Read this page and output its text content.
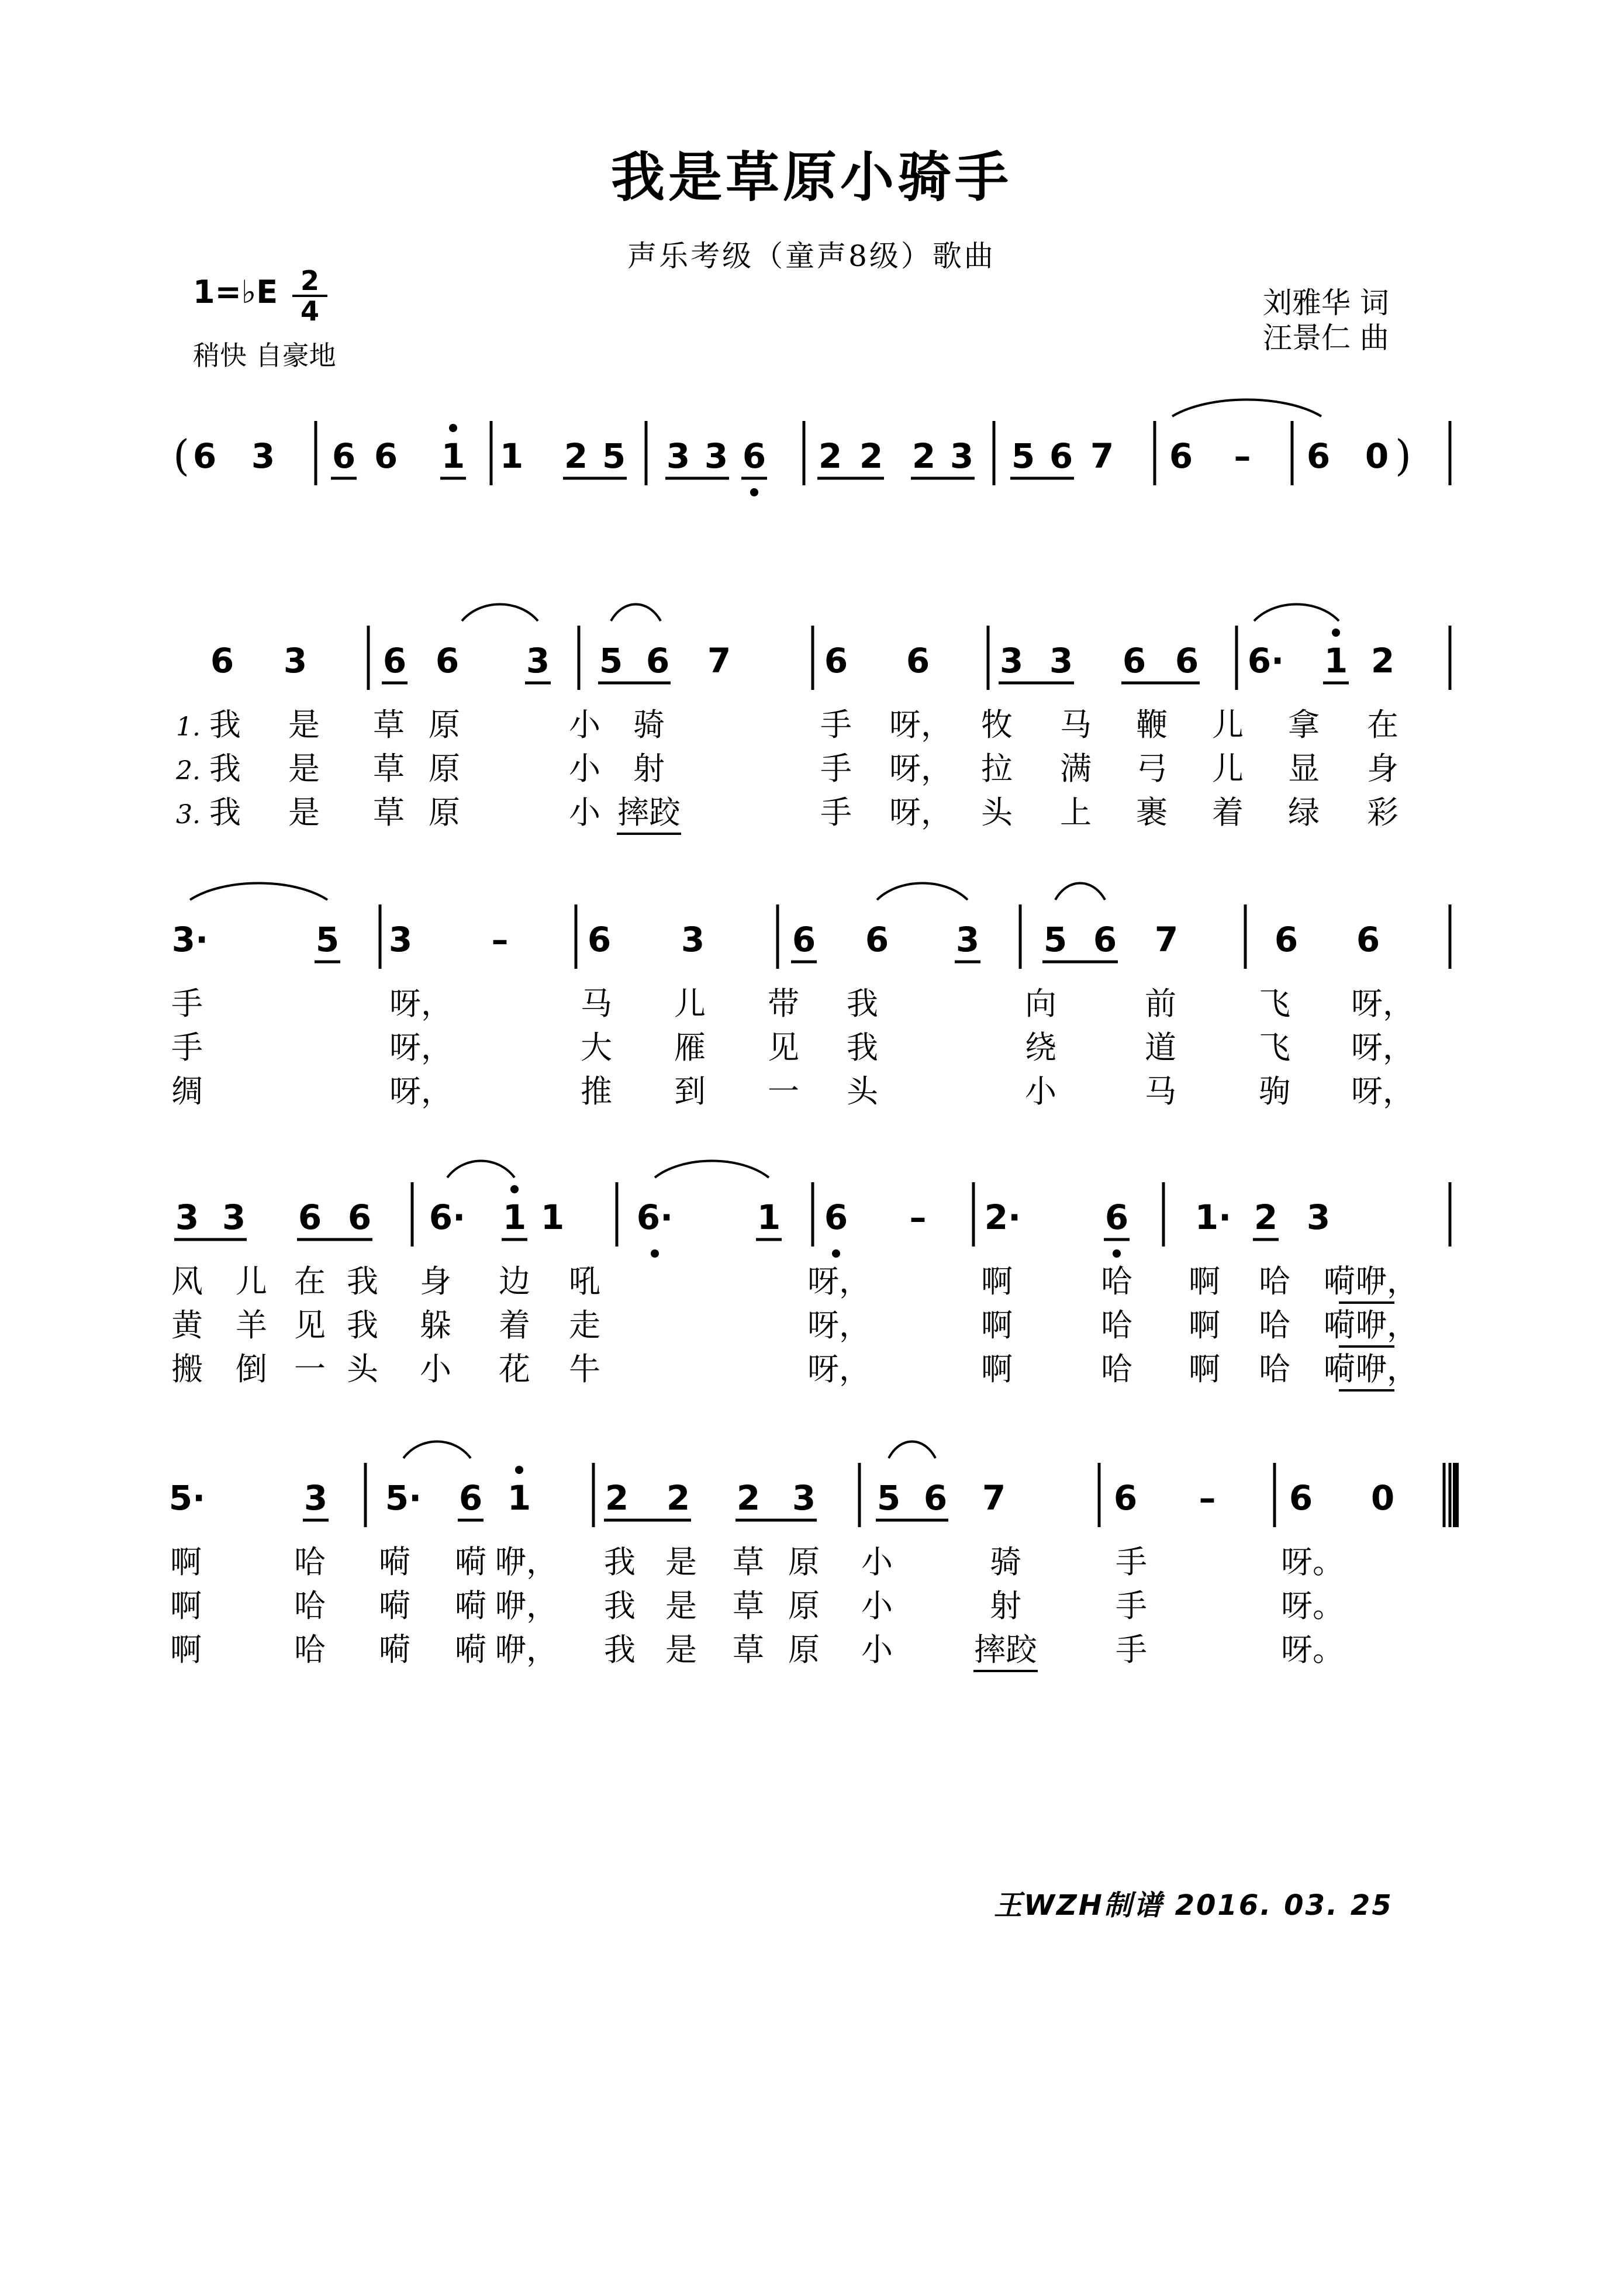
我是草原小骑手
声乐考级（童声8级）歌曲
1=♭E 2
4
稍快 自豪地
刘雅华 词
汪景仁 曲
( 6 3 6 6 1 1 2 5 3 3 6 2 2 2 3 5 6 7 6 – 6 0 )
6 3 6 6 3 5 6 7	6 6 3 3 6 6 6· 1 2
1. 我 是 草 原	小 骑	手 呀， 牧 马 鞭 儿 拿 在
2. 我 是 草 原	小 射	手 呀， 拉 满 弓 儿 显 身
3. 我 是 草 原	小 摔跤	手 呀， 头 上 裹 着 绿 彩
3·	5 3 – 6 3	6 6 3 5 6 7	6 6
手	呀，	马 儿 带 我	向	前	飞 呀，
手	呀，	大 雁 见 我	绕	道	飞 呀，
绸	呀，	推 到 一 头	小	马	驹 呀，
3 3 6 6 6· 1 1 6· 1 6 – 2· 6 1· 2 3
风 儿 在 我 身 边 吼	呀，	啊	哈 啊 哈 嗬咿，
黄 羊 见 我 躲 着 走	呀，	啊	哈 啊 哈 嗬咿，
搬 倒 一 头 小 花 牛	呀，	啊	哈 啊 哈 嗬咿，
5·	3 5· 6 1 2 2 2 3 5 6 7	6 – 6 0
啊	哈 嗬 嗬 咿， 我 是 草 原 小	骑	手	呀。
啊	哈 嗬 嗬 咿， 我 是 草 原 小	射	手	呀。
啊	哈 嗬 嗬 咿， 我 是 草 原 小	摔跤 手	呀。
王WZH制谱 2016. 03. 25
